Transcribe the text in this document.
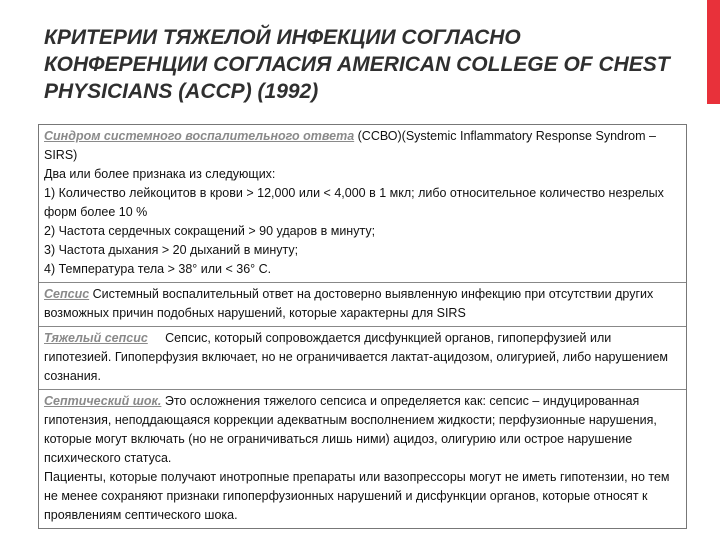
КРИТЕРИИ ТЯЖЕЛОЙ ИНФЕКЦИИ СОГЛАСНО КОНФЕРЕНЦИИ СОГЛАСИЯ AMERICAN COLLEGE OF CHEST PHYSICIANS (ACCP) (1992)
Синдром системного воспалительного ответа (ССВО)(Systemic Inflammatory Response Syndrom – SIRS)
Два или более признака из следующих:
1) Количество лейкоцитов в крови > 12,000 или < 4,000 в 1 мкл; либо относительное количество незрелых форм более 10 %
2) Частота сердечных сокращений > 90 ударов в минуту;
3) Частота дыхания > 20 дыханий в минуту;
4) Температура тела > 38° или < 36° С.
Сепсис Системный воспалительный ответ на достоверно выявленную инфекцию при отсутствии других возможных причин подобных нарушений, которые характерны для SIRS
Тяжелый сепсис     Сепсис, который сопровождается дисфункцией органов, гипоперфузией или гипотезией. Гипоперфузия включает, но не ограничивается лактат-ацидозом, олигурией, либо нарушением сознания.
Септический шок. Это осложнения тяжелого сепсиса и определяется как: сепсис – индуцированная гипотензия, неподдающаяся коррекции адекватным восполнением жидкости; перфузионные нарушения, которые могут включать (но не ограничиваться лишь ними) ацидоз, олигурию или острое нарушение психического статуса.
Пациенты, которые получают инотропные препараты или вазопрессоры могут не иметь гипотензии, но тем не менее сохраняют признаки гипоперфузионных нарушений и дисфункции органов, которые относят к проявлениям септического шока.
